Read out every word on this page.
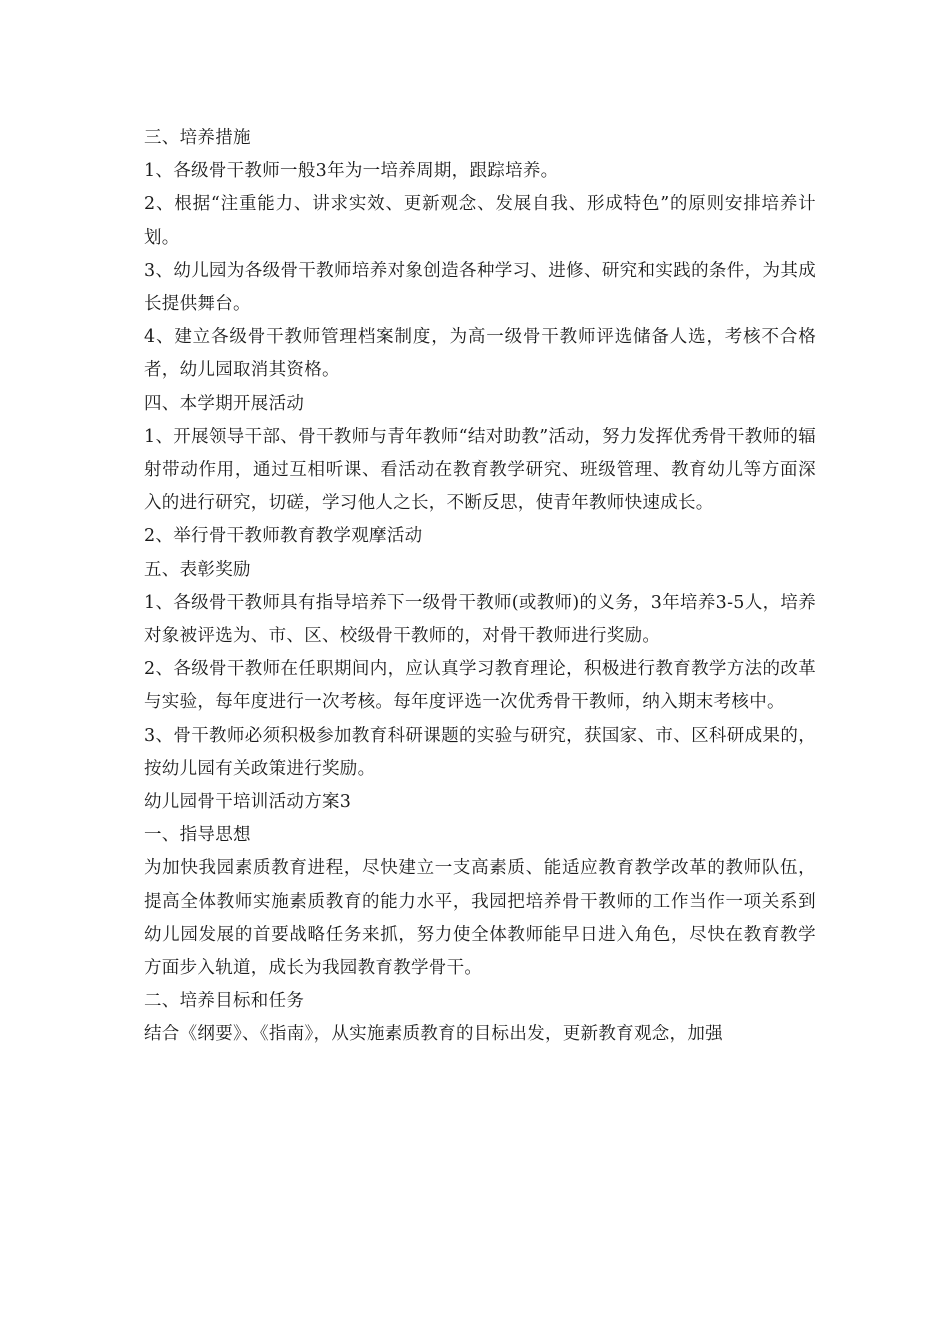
三、培养措施

1、各级骨干教师一般3年为一培养周期，跟踪培养。

2、根据“注重能力、讲求实效、更新观念、发展自我、形成特色”的原则安排培养计划。

3、幼儿园为各级骨干教师培养对象创造各种学习、进修、研究和实践的条件，为其成长提供舞台。

4、建立各级骨干教师管理档案制度，为高一级骨干教师评选储备人选，考核不合格者，幼儿园取消其资格。

四、本学期开展活动

1、开展领导干部、骨干教师与青年教师“结对助教”活动，努力发挥优秀骨干教师的辐射带动作用，通过互相听课、看活动在教育教学研究、班级管理、教育幼儿等方面深入的进行研究，切磋，学习他人之长，不断反思，使青年教师快速成长。

2、举行骨干教师教育教学观摩活动

五、表彰奖励

1、各级骨干教师具有指导培养下一级骨干教师(或教师)的义务，3年培养3-5人，培养对象被评选为、市、区、校级骨干教师的，对骨干教师进行奖励。

2、各级骨干教师在任职期间内，应认真学习教育理论，积极进行教育教学方法的改革与实验，每年度进行一次考核。每年度评选一次优秀骨干教师，纳入期末考核中。

3、骨干教师必须积极参加教育科研课题的实验与研究，获国家、市、区科研成果的，按幼儿园有关政策进行奖励。

幼儿园骨干培训活动方案3

一、指导思想

为加快我园素质教育进程，尽快建立一支高素质、能适应教育教学改革的教师队伍，提高全体教师实施素质教育的能力水平，我园把培养骨干教师的工作当作一项关系到幼儿园发展的首要战略任务来抓，努力使全体教师能早日进入角色，尽快在教育教学方面步入轨道，成长为我园教育教学骨干。

二、培养目标和任务

结合《纲要》、《指南》，从实施素质教育的目标出发，更新教育观念，加强
